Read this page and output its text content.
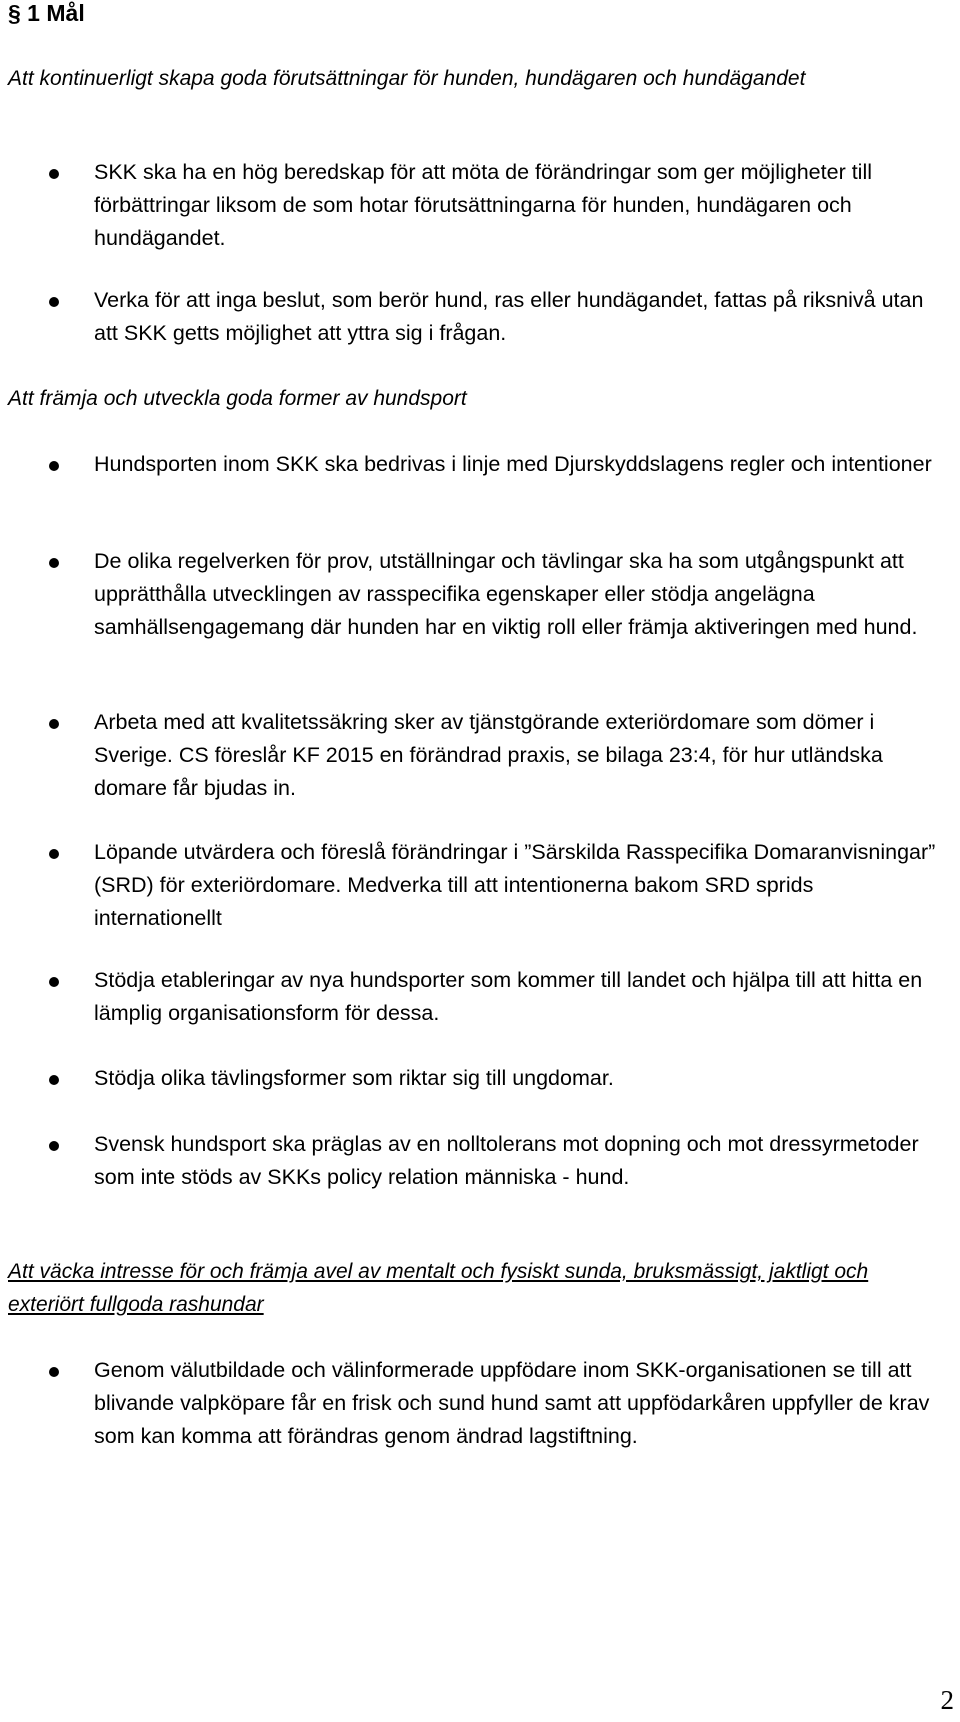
§ 1 Mål
Att kontinuerligt skapa goda förutsättningar för hunden, hundägaren och hundägandet
SKK ska ha en hög beredskap för att möta de förändringar som ger möjligheter till förbättringar liksom de som hotar förutsättningarna för hunden, hundägaren och hundägandet.
Verka för att inga beslut, som berör hund, ras eller hundägandet, fattas på riksnivå utan att SKK getts möjlighet att yttra sig i frågan.
Att främja och utveckla goda former av hundsport
Hundsporten inom SKK ska bedrivas i linje med Djurskyddslagens regler och intentioner
De olika regelverken för prov, utställningar och tävlingar ska ha som utgångspunkt att upprätthålla utvecklingen av rasspecifika egenskaper eller stödja angelägna samhällsengagemang där hunden har en viktig roll eller främja aktiveringen med hund.
Arbeta med att kvalitetssäkring sker av tjänstgörande exteriördomare som dömer i Sverige. CS föreslår KF 2015 en förändrad praxis, se bilaga 23:4, för hur utländska domare får bjudas in.
Löpande utvärdera och föreslå förändringar i ”Särskilda Rasspecifika Domaranvisningar” (SRD) för exteriördomare. Medverka till att intentionerna bakom SRD sprids internationellt
Stödja etableringar av nya hundsporter som kommer till landet och hjälpa till att hitta en lämplig organisationsform för dessa.
Stödja olika tävlingsformer som riktar sig till ungdomar.
Svensk hundsport ska präglas av en nolltolerans mot dopning och mot dressyrmetoder som inte stöds av SKKs policy relation människa - hund.
Att väcka intresse för och främja avel av mentalt och fysiskt sunda, bruksmässigt, jaktligt och exteriört fullgoda rashundar
Genom välutbildade och välinformerade uppfödare inom SKK-organisationen se till att blivande valpköpare får en frisk och sund hund samt att uppfödarkåren uppfyller de krav som kan komma att förändras genom ändrad lagstiftning.
2
